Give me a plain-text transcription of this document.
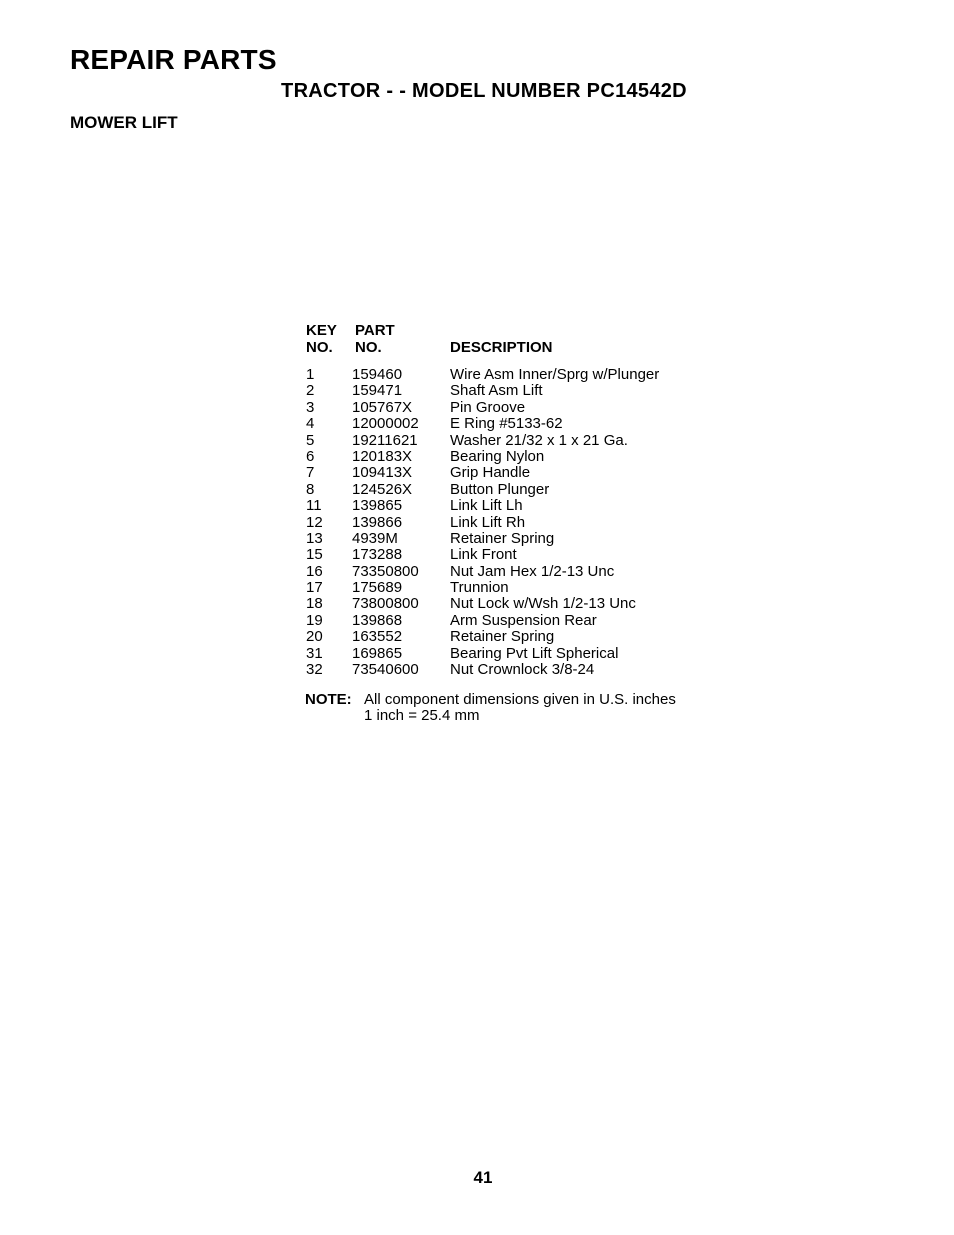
REPAIR PARTS
TRACTOR - - MODEL NUMBER PC14542D
MOWER LIFT
KEY PART
NO. NO.	DESCRIPTION
1	159460	Wire Asm Inner/Sprg w/Plunger
2	159471	Shaft Asm Lift
3	105767X	Pin Groove
4	12000002 E Ring #5133-62
5	19211621 Washer 21/32 x 1 x 21 Ga.
6	120183X	Bearing Nylon
7	109413X	Grip Handle
8	124526X	Button Plunger
11 139865	Link Lift Lh
12 139866	Link Lift Rh
13 4939M	Retainer Spring
15 173288	Link Front
16 73350800 Nut Jam Hex 1/2-13 Unc
17 175689	Trunnion
18 73800800 Nut Lock w/Wsh 1/2-13 Unc
19 139868	Arm Suspension Rear
20 163552	Retainer Spring
31 169865	Bearing Pvt Lift Spherical
32 73540600 Nut Crownlock 3/8-24
NOTE: All component dimensions given in U.S. inches
1 inch = 25.4 mm
41
